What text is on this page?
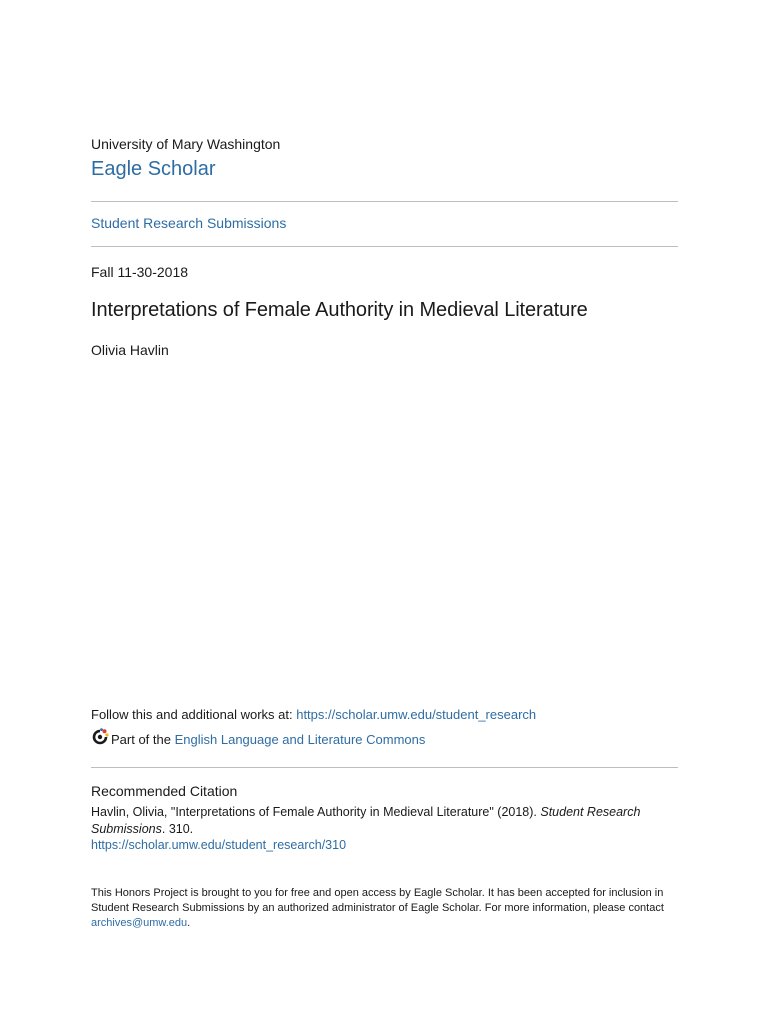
University of Mary Washington
Eagle Scholar
Student Research Submissions
Fall 11-30-2018
Interpretations of Female Authority in Medieval Literature
Olivia Havlin
Follow this and additional works at: https://scholar.umw.edu/student_research
Part of the
English Language and Literature Commons
Recommended Citation
Havlin, Olivia, "Interpretations of Female Authority in Medieval Literature" (2018). Student Research Submissions. 310.
https://scholar.umw.edu/student_research/310
This Honors Project is brought to you for free and open access by Eagle Scholar. It has been accepted for inclusion in Student Research Submissions by an authorized administrator of Eagle Scholar. For more information, please contact archives@umw.edu.
